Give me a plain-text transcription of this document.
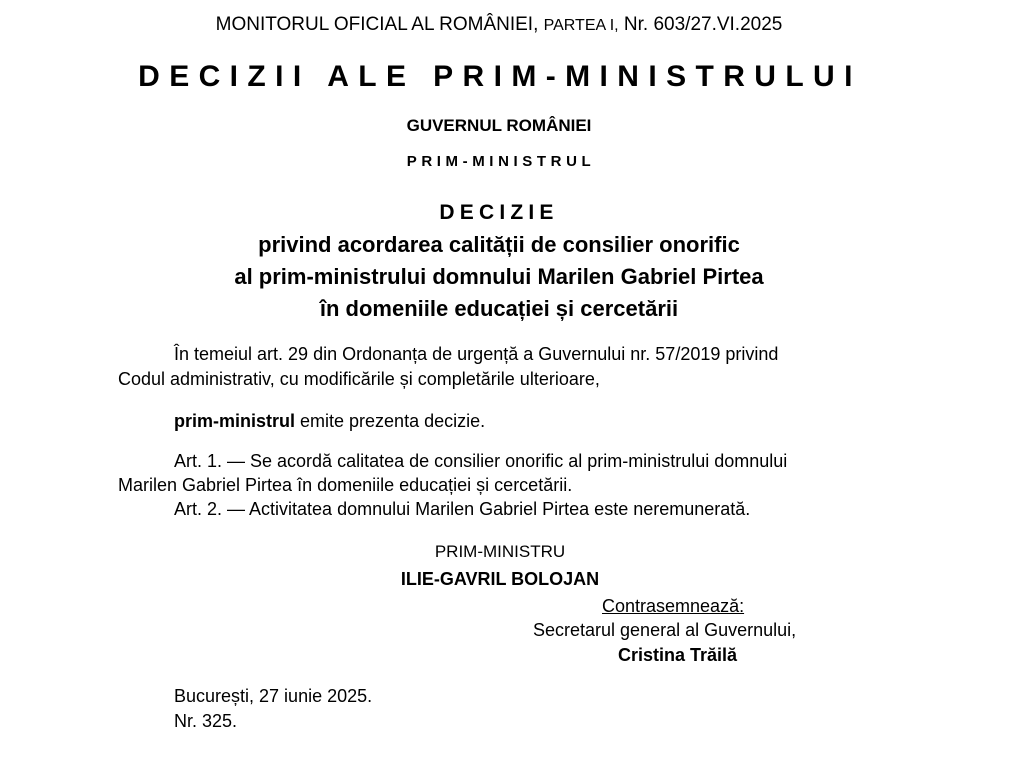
MONITORUL OFICIAL AL ROMÂNIEI, PARTEA I, Nr. 603/27.VI.2025
DECIZII ALE PRIM-MINISTRULUI
GUVERNUL ROMÂNIEI
PRIM-MINISTRUL
DECIZIE
privind acordarea calității de consilier onorific
al prim-ministrului domnului Marilen Gabriel Pirtea
în domeniile educației și cercetării
În temeiul art. 29 din Ordonanța de urgență a Guvernului nr. 57/2019 privind
Codul administrativ, cu modificările și completările ulterioare,
prim-ministrul emite prezenta decizie.
Art. 1. — Se acordă calitatea de consilier onorific al prim-ministrului domnului
Marilen Gabriel Pirtea în domeniile educației și cercetării.
Art. 2. — Activitatea domnului Marilen Gabriel Pirtea este neremunerată.
PRIM-MINISTRU
ILIE-GAVRIL BOLOJAN
Contrasemnează:
Secretarul general al Guvernului,
Cristina Trăilă
București, 27 iunie 2025.
Nr. 325.
